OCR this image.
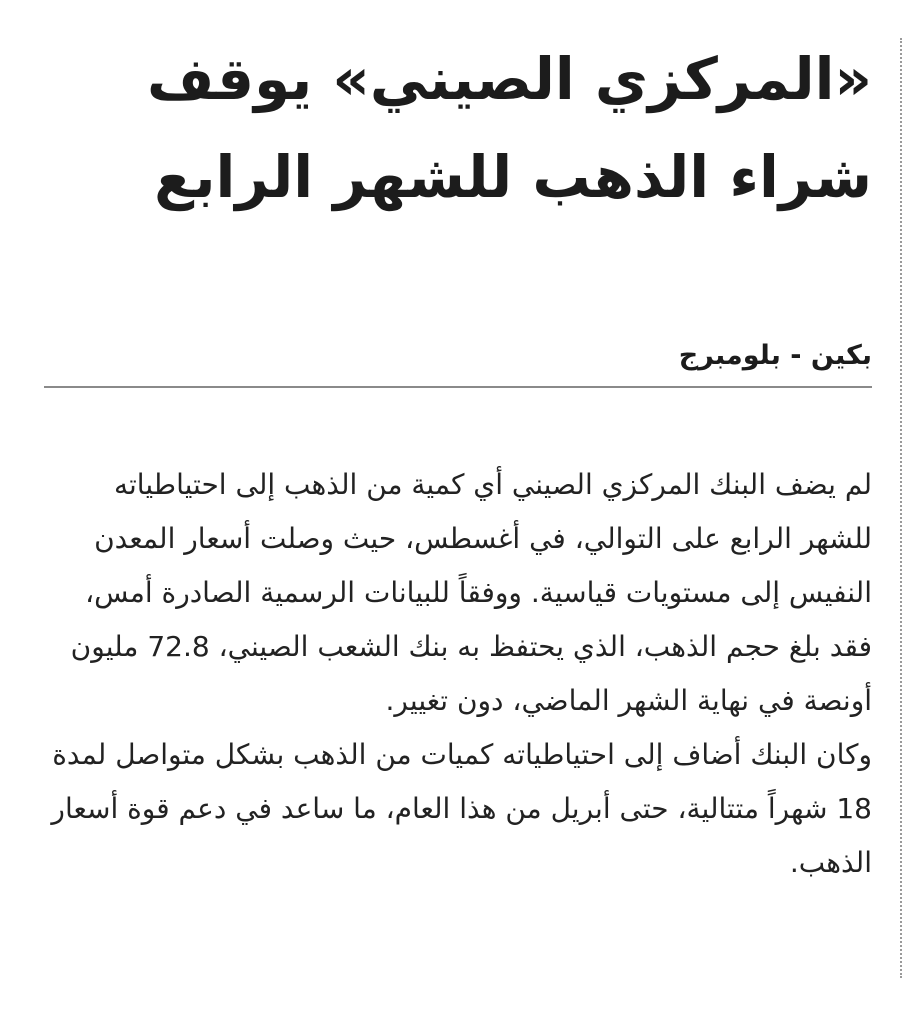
«المركزي الصيني» يوقف
شراء الذهب للشهر الرابع
بكين - بلومبرج

لم يضف البنك المركزي الصيني أي كمية من الذهب إلى احتياطياته للشهر الرابع على التوالي، في أغسطس، حيث وصلت أسعار المعدن النفيس إلى مستويات قياسية. ووفقاً للبيانات الرسمية الصادرة أمس، فقد بلغ حجم الذهب، الذي يحتفظ به بنك الشعب الصيني، 72.8 مليون أونصة في نهاية الشهر الماضي، دون تغيير.

وكان البنك أضاف إلى احتياطياته كميات من الذهب بشكل متواصل لمدة 18 شهراً متتالية، حتى أبريل من هذا العام، ما ساعد في دعم قوة أسعار الذهب.
